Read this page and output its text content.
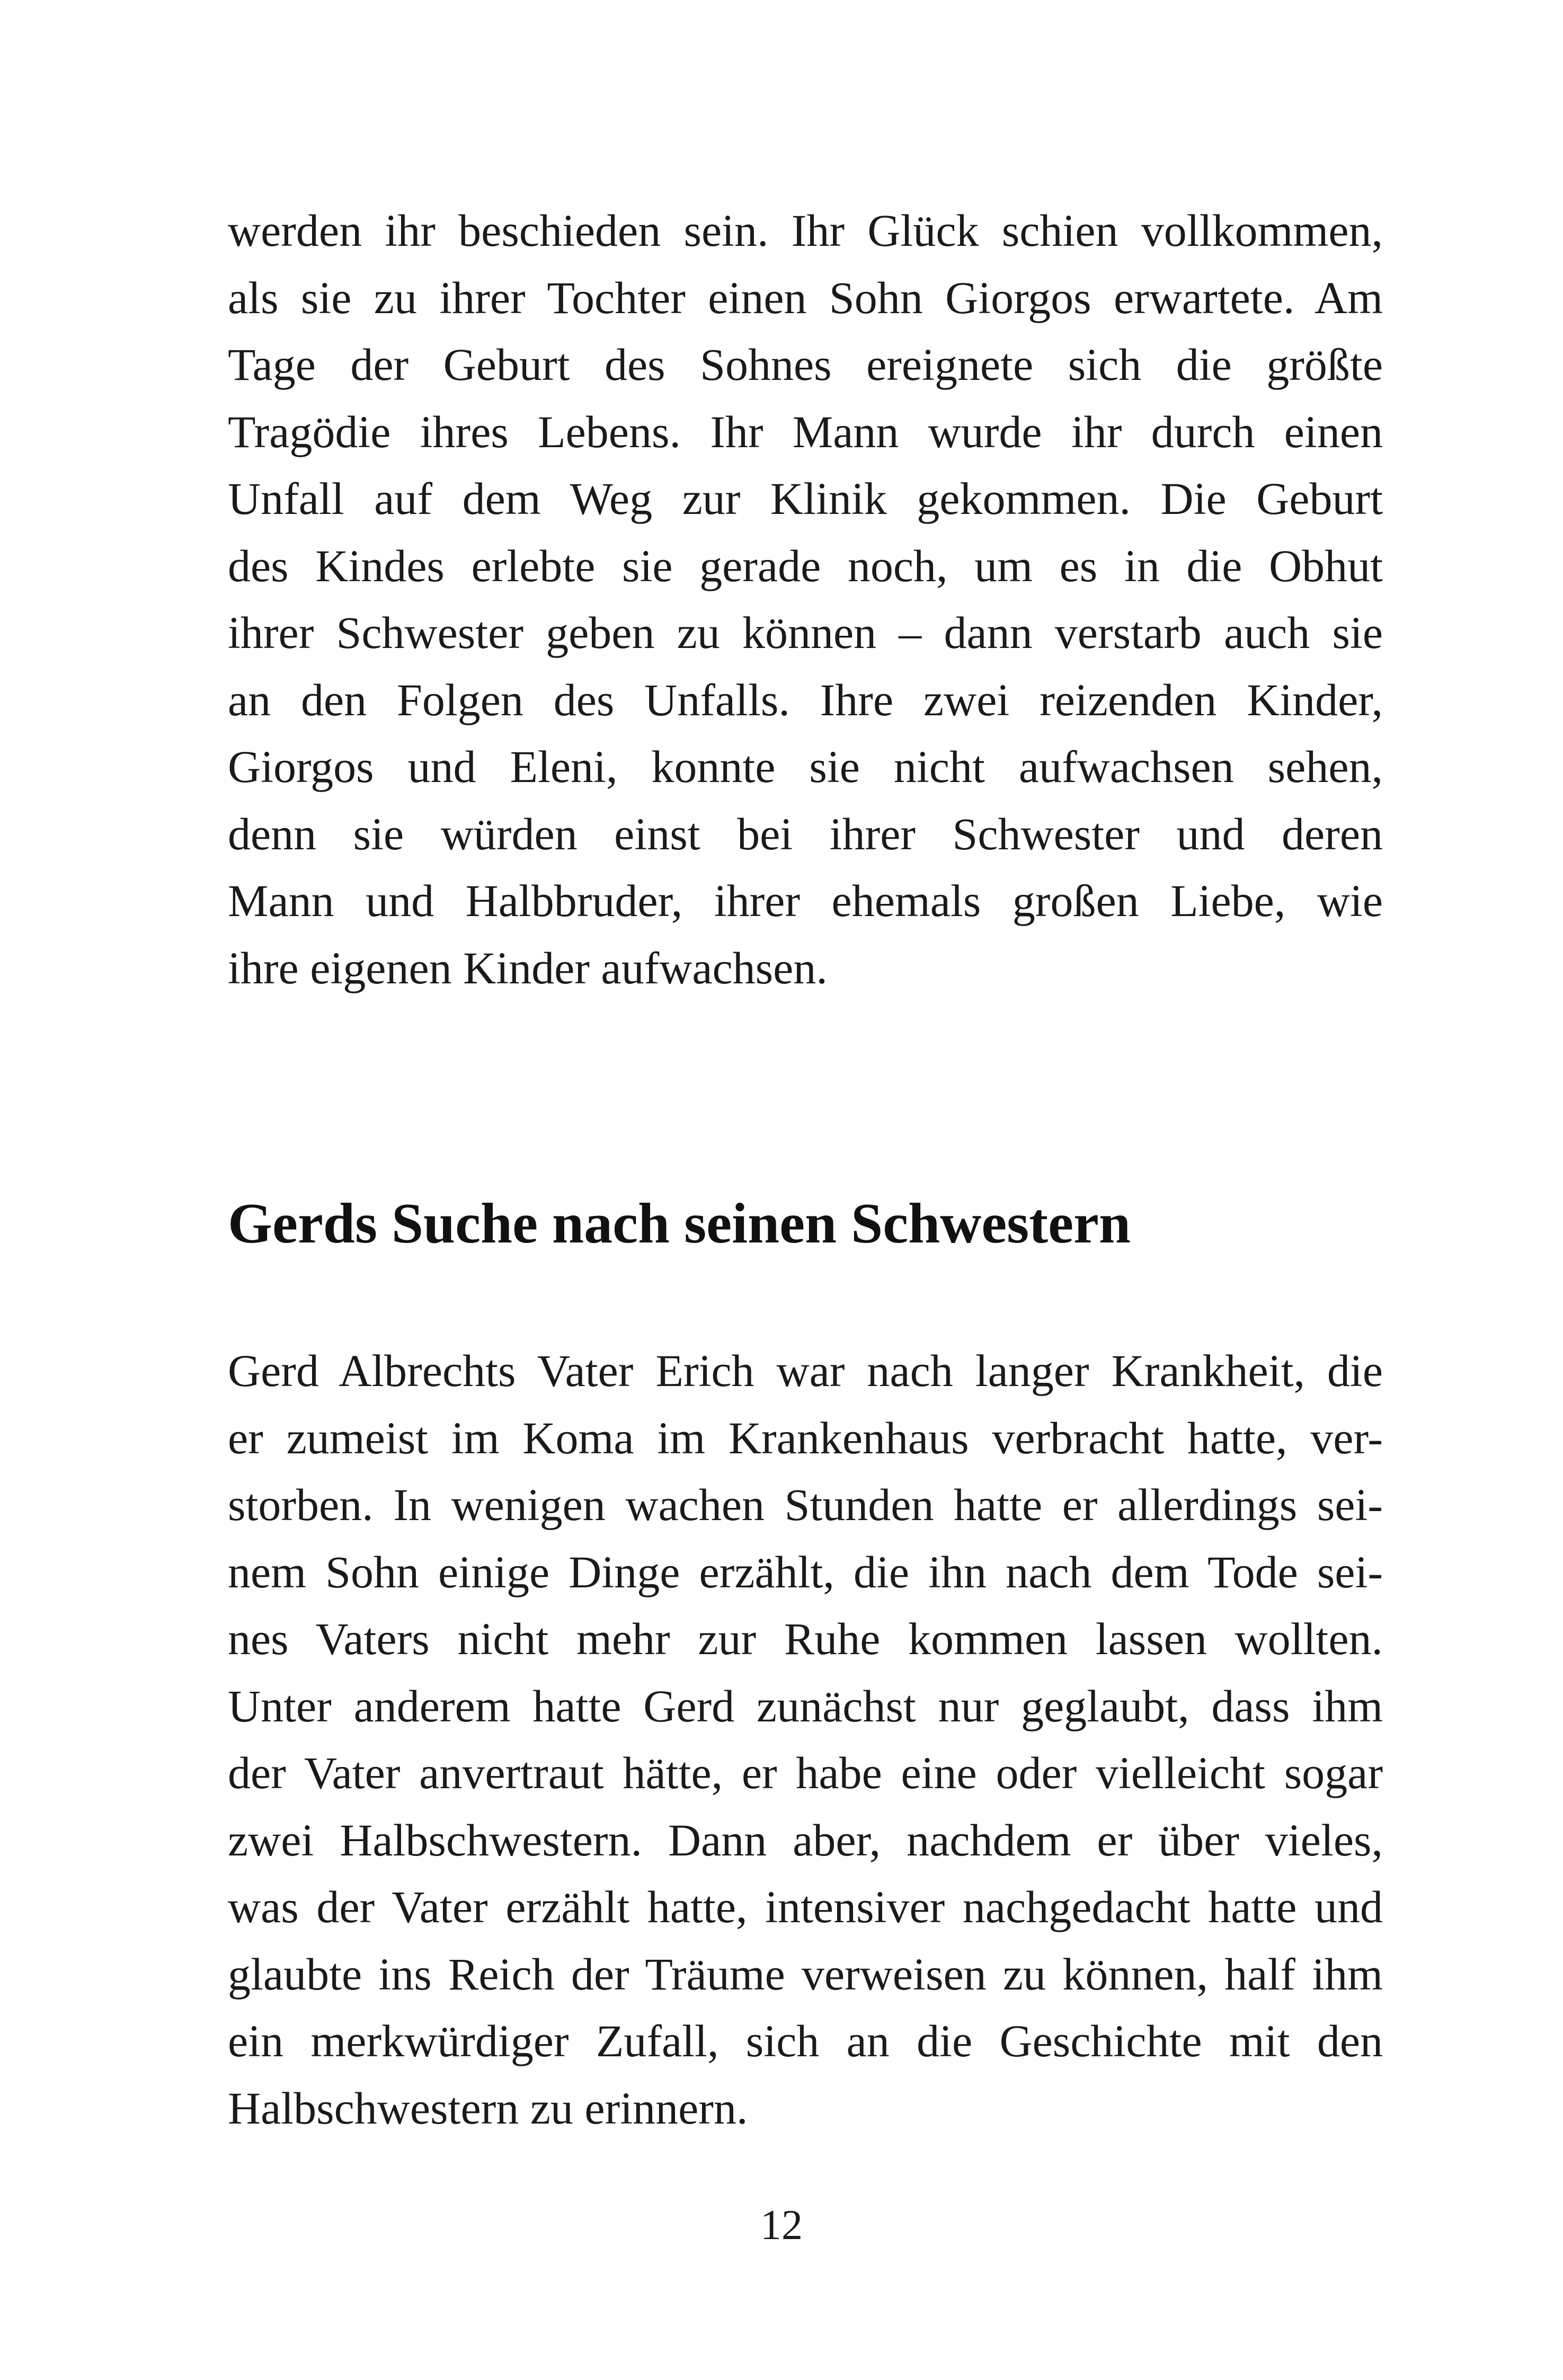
werden ihr beschieden sein. Ihr Glück schien vollkommen,
als sie zu ihrer Tochter einen Sohn Giorgos erwartete. Am
Tage der Geburt des Sohnes ereignete sich die größte
Tragödie ihres Lebens. Ihr Mann wurde ihr durch einen
Unfall auf dem Weg zur Klinik gekommen. Die Geburt
des Kindes erlebte sie gerade noch, um es in die Obhut
ihrer Schwester geben zu können – dann verstarb auch sie
an den Folgen des Unfalls. Ihre zwei reizenden Kinder,
Giorgos und Eleni, konnte sie nicht aufwachsen sehen,
denn sie würden einst bei ihrer Schwester und deren
Mann und Halbbruder, ihrer ehemals großen Liebe, wie
ihre eigenen Kinder aufwachsen.

Gerds Suche nach seinen Schwestern

Gerd Albrechts Vater Erich war nach langer Krankheit, die
er zumeist im Koma im Krankenhaus verbracht hatte, ver-
storben. In wenigen wachen Stunden hatte er allerdings sei-
nem Sohn einige Dinge erzählt, die ihn nach dem Tode sei-
nes Vaters nicht mehr zur Ruhe kommen lassen wollten.
Unter anderem hatte Gerd zunächst nur geglaubt, dass ihm
der Vater anvertraut hätte, er habe eine oder vielleicht sogar
zwei Halbschwestern. Dann aber, nachdem er über vieles,
was der Vater erzählt hatte, intensiver nachgedacht hatte und
glaubte ins Reich der Träume verweisen zu können, half ihm
ein merkwürdiger Zufall, sich an die Geschichte mit den
Halbschwestern zu erinnern.

12
